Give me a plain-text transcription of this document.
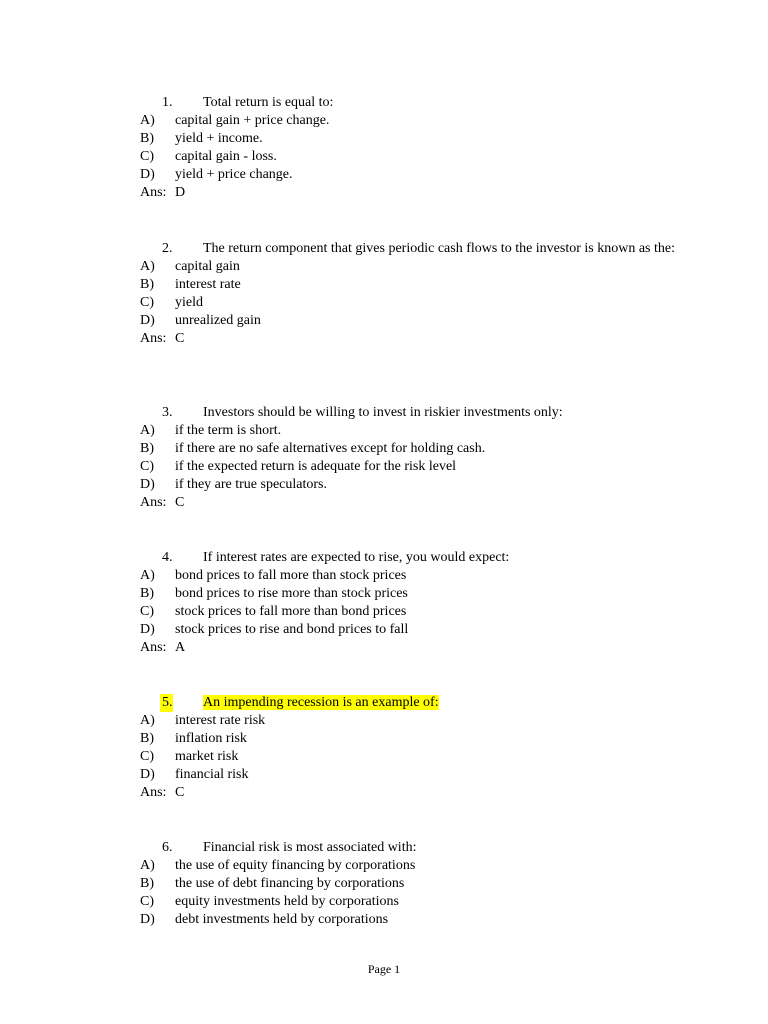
1.	Total return is equal to:
A) capital gain + price change.
B) yield + income.
C) capital gain - loss.
D) yield + price change.
Ans: D
2.	The return component that gives periodic cash flows to the investor is known as the:
A) capital gain
B) interest rate
C) yield
D) unrealized gain
Ans: C
3.	Investors should be willing to invest in riskier investments only:
A) if the term is short.
B) if there are no safe alternatives except for holding cash.
C) if the expected return is adequate for the risk level
D) if they are true speculators.
Ans: C
4.	If interest rates are expected to rise, you would expect:
A) bond prices to fall more than stock prices
B) bond prices to rise more than stock prices
C) stock prices to fall more than bond prices
D) stock prices to rise and bond prices to fall
Ans: A
5.	An impending recession is an example of:
A) interest rate risk
B) inflation risk
C) market risk
D) financial risk
Ans: C
6.	Financial risk is most associated with:
A) the use of equity financing by corporations
B) the use of debt financing by corporations
C) equity investments held by corporations
D) debt investments held by corporations
Page 1
